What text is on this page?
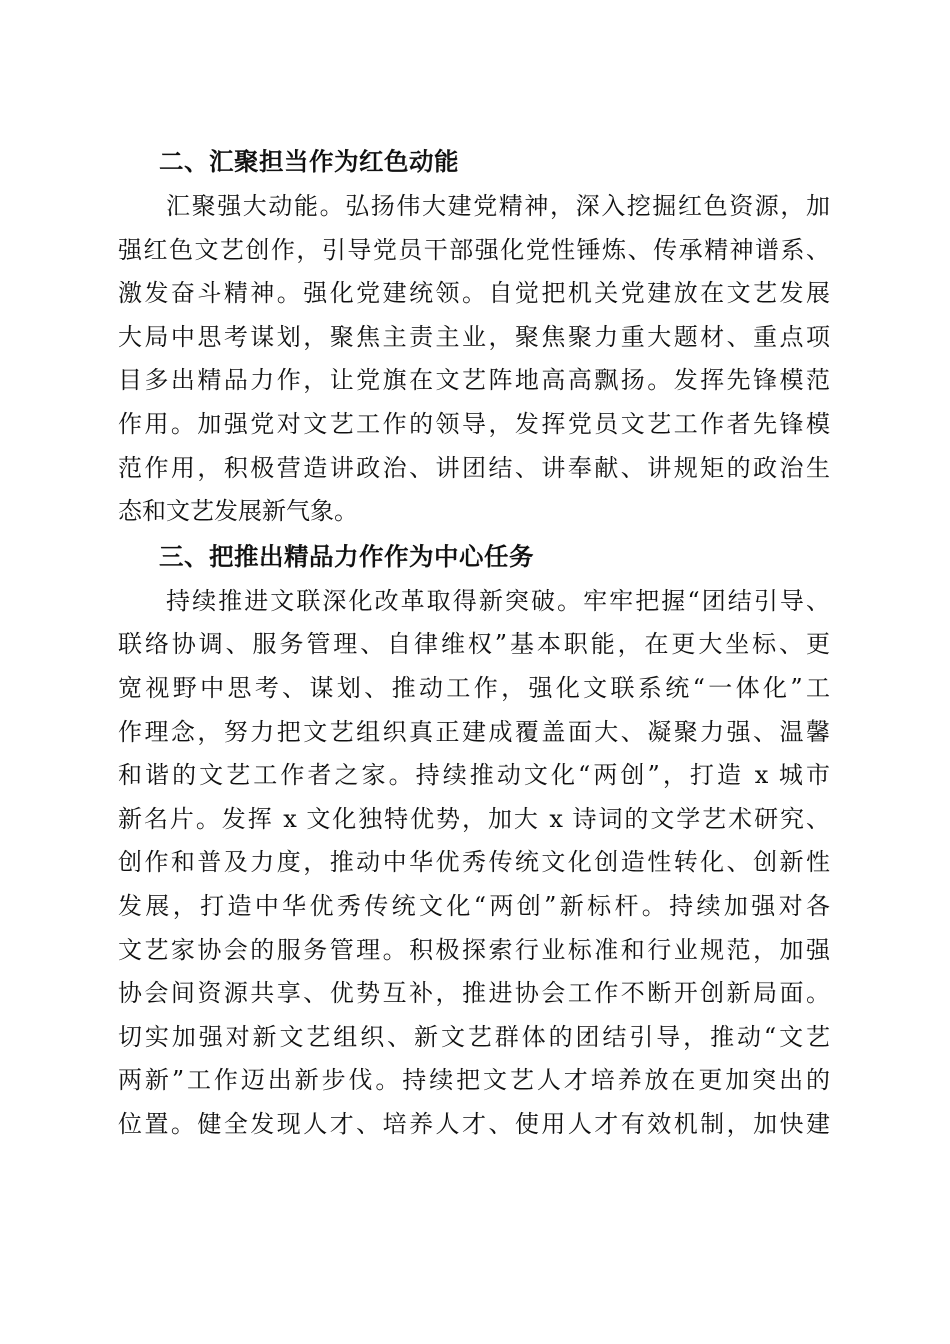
二、汇聚担当作为红色动能
汇聚强大动能。弘扬伟大建党精神，深入挖掘红色资源，加
强红色文艺创作，引导党员干部强化党性锤炼、传承精神谱系、
激发奋斗精神。强化党建统领。自觉把机关党建放在文艺发展
大局中思考谋划，聚焦主责主业，聚焦聚力重大题材、重点项
目多出精品力作，让党旗在文艺阵地高高飘扬。发挥先锋模范
作用。加强党对文艺工作的领导，发挥党员文艺工作者先锋模
范作用，积极营造讲政治、讲团结、讲奉献、讲规矩的政治生
态和文艺发展新气象。
三、把推出精品力作作为中心任务
持续推进文联深化改革取得新突破。牢牢把握“团结引导、
联络协调、服务管理、自律维权”基本职能，在更大坐标、更
宽视野中思考、谋划、推动工作，强化文联系统“一体化”工
作理念，努力把文艺组织真正建成覆盖面大、凝聚力强、温馨
和谐的文艺工作者之家。持续推动文化“两创”，打造 x 城市
新名片。发挥 x 文化独特优势，加大 x 诗词的文学艺术研究、
创作和普及力度，推动中华优秀传统文化创造性转化、创新性
发展，打造中华优秀传统文化“两创”新标杆。持续加强对各
文艺家协会的服务管理。积极探索行业标准和行业规范，加强
协会间资源共享、优势互补，推进协会工作不断开创新局面。
切实加强对新文艺组织、新文艺群体的团结引导，推动“文艺
两新”工作迈出新步伐。持续把文艺人才培养放在更加突出的
位置。健全发现人才、培养人才、使用人才有效机制，加快建
